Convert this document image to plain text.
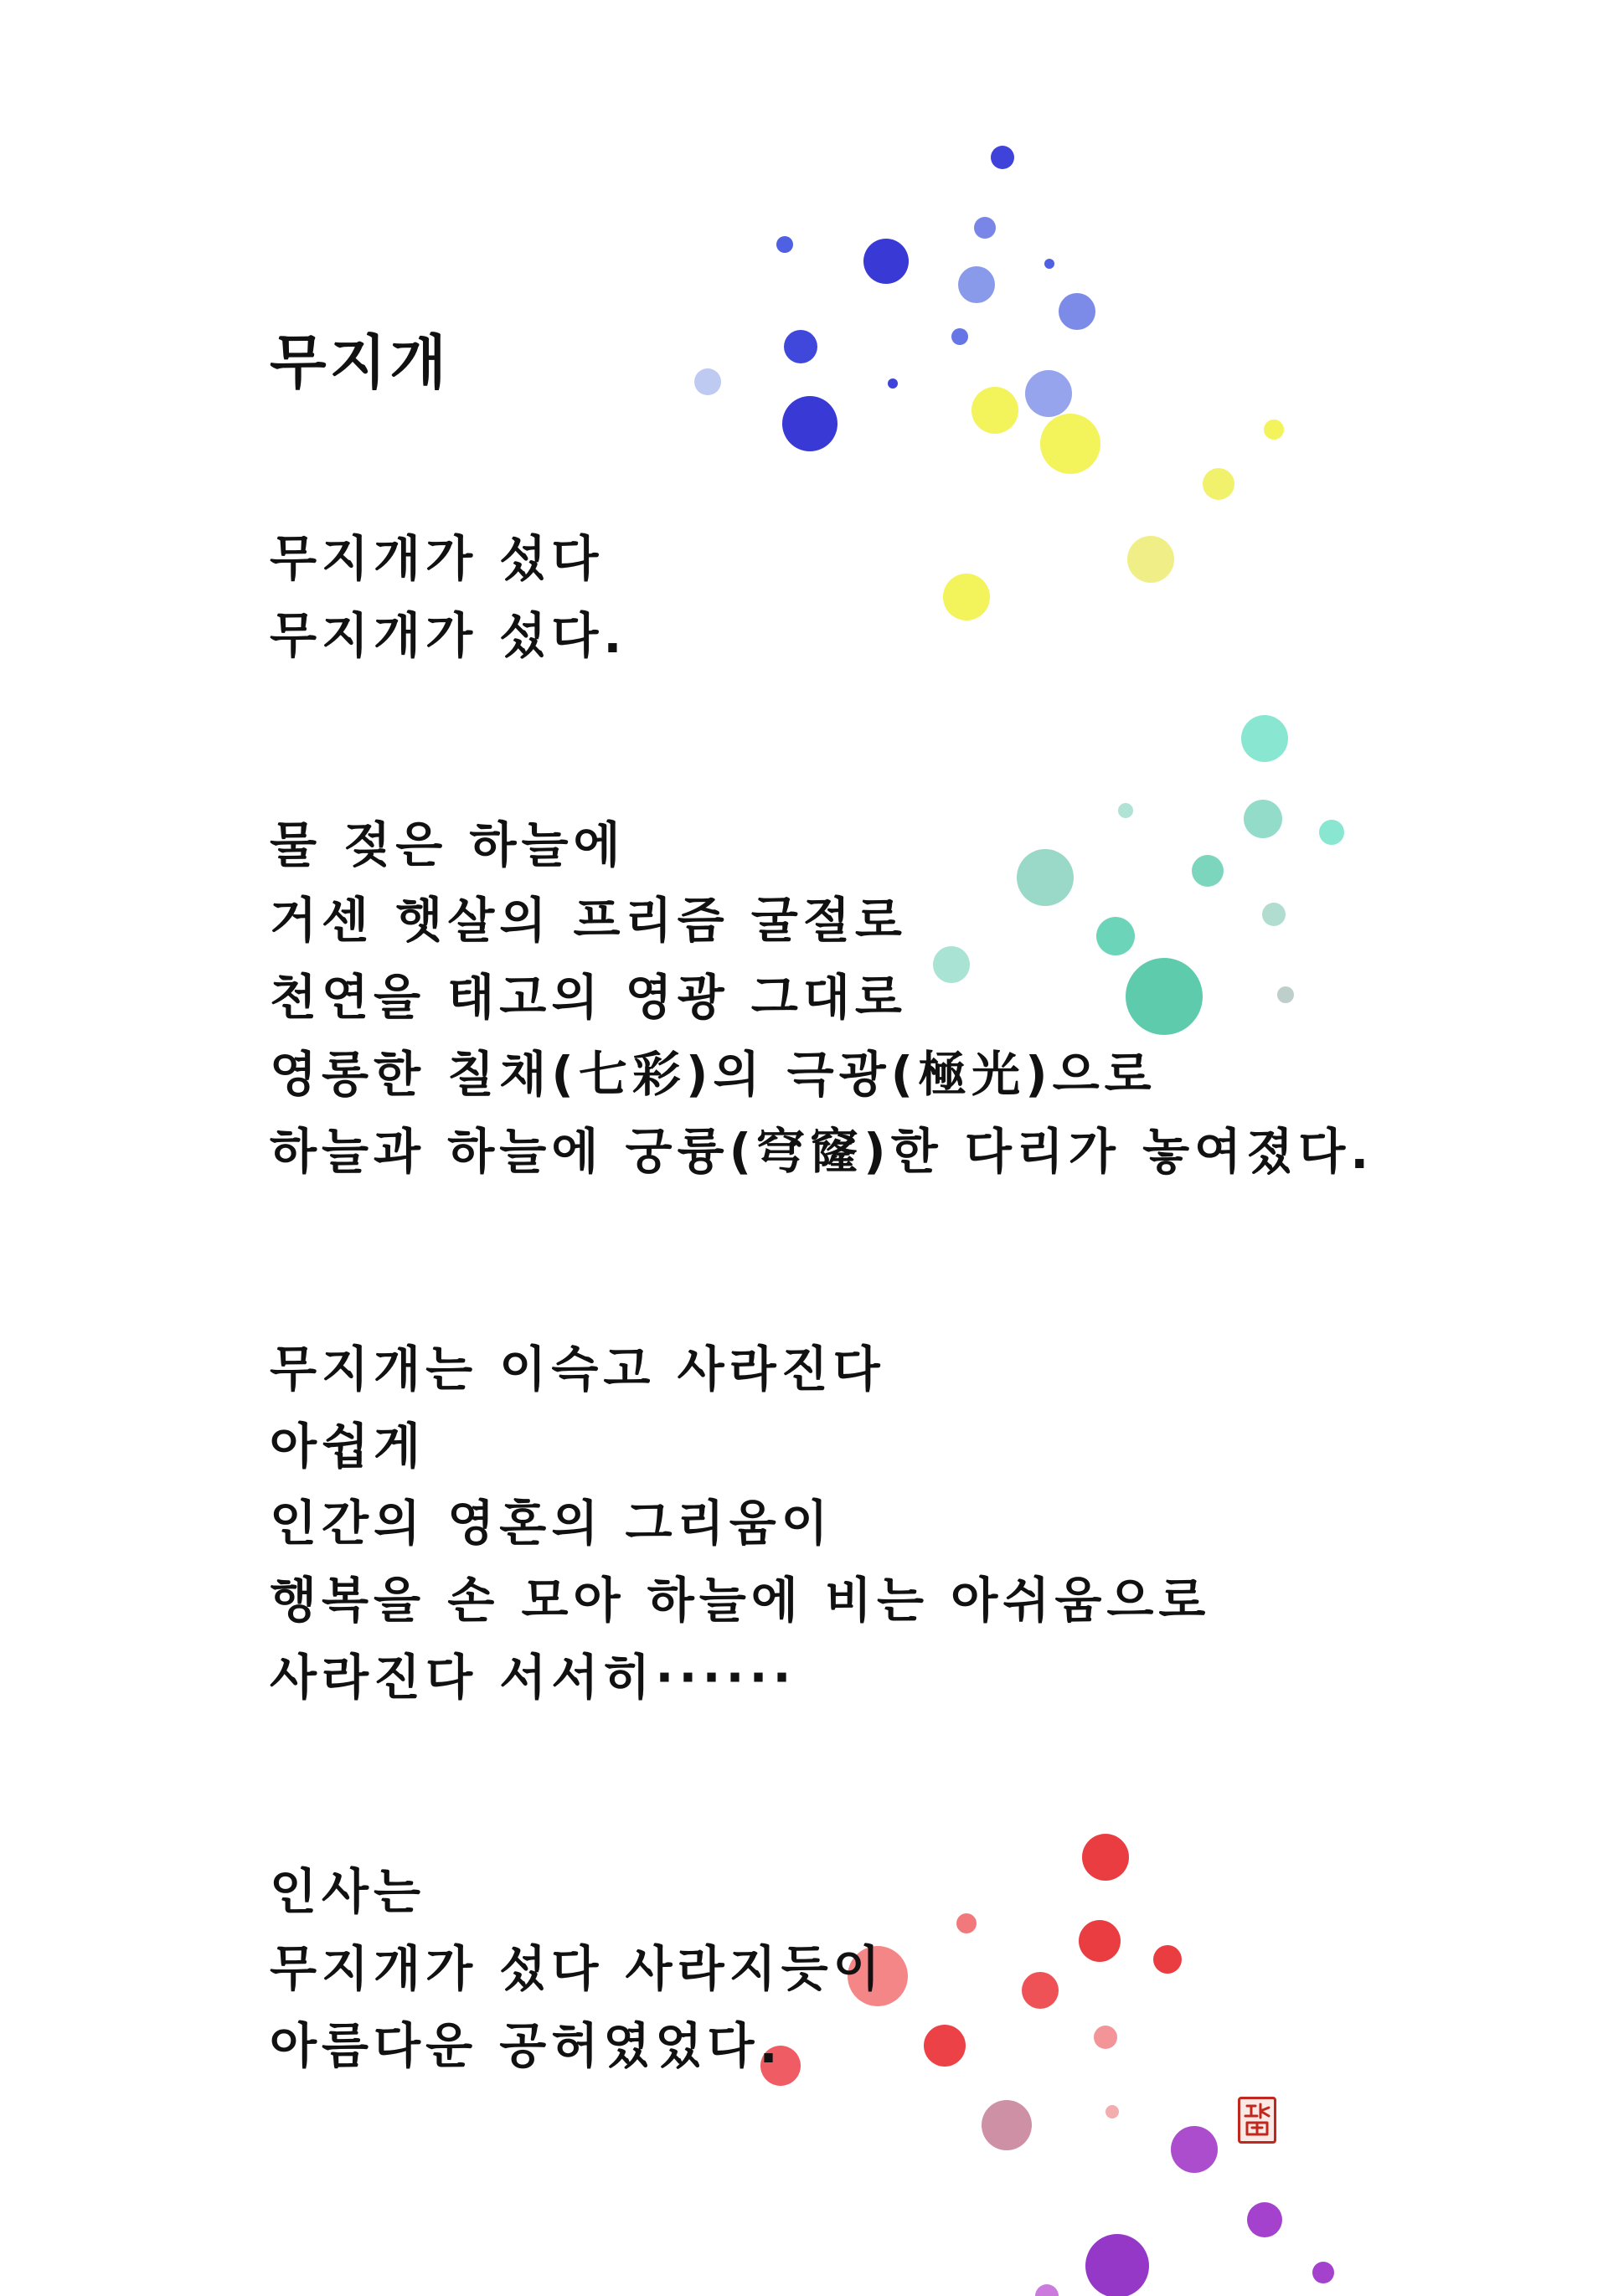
무지개
무지개가 섰다
무지개가 섰다.
물 젖은 하늘에
거센 햇살의 프리즘 굴절로
천연을 태고의 영광 그대로
영롱한 칠채(七彩)의 극광(極光)으로
하늘과 하늘에 궁륭(穹窿)한 다리가 놓여졌다.
무지개는 이슥고 사라진다
아쉽게
인간의 영혼의 그리움이
행복을 손 모아 하늘에 비는 아쉬움으로
사라진다 서서히······
인사는
무지개가 섰다 사라지듯이
아름다운 공허였었다.
